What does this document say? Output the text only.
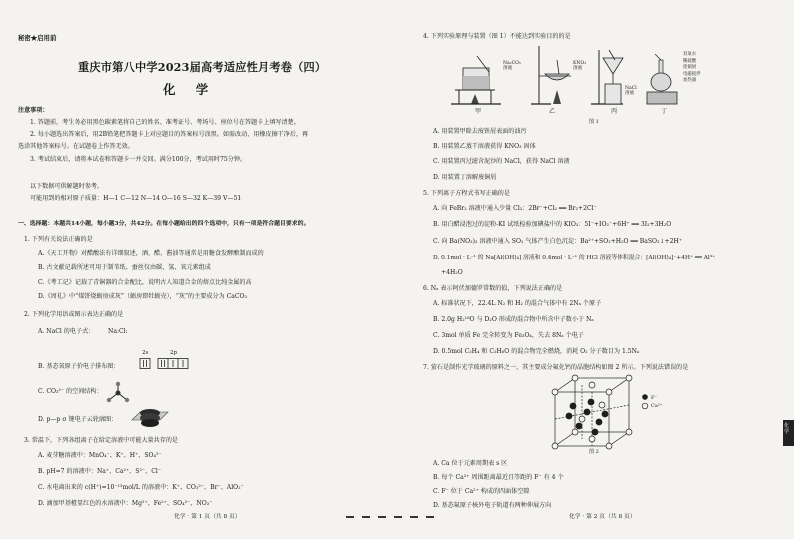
秘密★启用前
重庆市第八中学2023届高考适应性月考卷（四）
化 学
注意事项：
1. 答题前，考生务必用黑色碳素笔将自己的姓名、准考证号、考场号、座位号在答题卡上填写清楚。
2. 每小题选出答案后，用2B铅笔把答题卡上对应题目的答案标号涂黑。如需改动，用橡皮擦干净后，再
选涂其他答案标号。在试题卷上作答无效。
3. 考试结束后，请将本试卷和答题卡一并交回。满分100分，考试用时75分钟。
以下数据可供解题时参考。
可能用到的相对原子质量：H—1 C—12 N—14 O—16 S—32 K—39 V—51
一、选择题：本题共14小题，每小题3分，共42分。在每小题给出的四个选项中，只有一项是符合题目要求的。
1. 下列有关说法正确的是
A.《天工开物》对醋酸法有详细叙述，酒、醋、酱油等通常是用糖食发酵酿制而成的
B. 古文献记载所述可用于制苇纸、蚕丝仅由碳、氢、氧元素组成
C.《考工记》记载了青铜器的合金配比，说明古人知道合金的熔点比纯金属的高
D.《周礼》中“煤饼烧蛎房成灰”（蛎房即牡蛎壳），“灰”的主要成分为 CaCO₃
2. 下列化学用语或图示表达正确的是
A. NaCl 的电子式： Na:Cl:
2s	2p
B. 基态氧原子价电子排布图：
C. CO₃²⁻ 的空间结构：
D. p—p σ 键电子云轮廓图：
3. 常温下，下列各组离子在给定溶液中可能大量共存的是
A. 麦芽糖溶液中：MnO₄⁻、K⁺、H⁺、SO₄²⁻
B. pH=7 的溶液中：Na⁺、Ca²⁺、S²⁻、Cl⁻
C. 水电离出来的 c(H⁺)=10⁻¹³mol/L 的溶液中：K⁺、CO₃²⁻、Br⁻、AlO₂⁻
D. 滴加甲基橙显红色的水溶液中：Mg²⁺、Fe²⁺、SO₄²⁻、NO₃⁻
化学 · 第 1 页（共 8 页）
4. 下列实验原理与装置（图 1）不能达到实验目的的是
Na₂CO₃
溶液
KNO₃
溶液
NaCl
溶液
双氧水
稀硫酸
废铜屑
电磁搅拌
加热器
甲	乙	丙	丁
图 1
A. 用装置甲除去废铁屑表面的油污
B. 用装置乙蒸干溶液获得 KNO₃ 固体
C. 用装置丙过滤含泥沙的 NaCl，获得 NaCl 溶液
D. 用装置丁溶解废铜屑
5. 下列离子方程式书写正确的是
A. 向 FeBr₂ 溶液中通入少量 Cl₂：2Br⁻+Cl₂ ══ Br₂+2Cl⁻
B. 用白醋浸泡过的淀粉-KI 试纸检验加碘盐中的 KIO₃：5I⁻+IO₃⁻+6H⁺ ══ 3I₂+3H₂O
C. 向 Ba(NO₃)₂ 溶液中通入 SO₂ 气体产生白色沉淀：Ba²⁺+SO₂+H₂O ══ BaSO₃↓+2H⁺
D. 0.1mol · L⁻¹ 的 Na[Al(OH)₄] 溶液和 0.4mol · L⁻¹ 的 HCl 溶液等体积混合：[Al(OH)₄]⁻+4H⁺ ══ Al³⁺
+4H₂O
6. Nₐ 表示阿伏加德罗常数的值，下列说法正确的是
A. 标准状况下，22.4L N₂ 和 H₂ 的混合气体中有 2Nₐ 个原子
B. 2.0g H₂¹⁸O 与 D₂O 形成的混合物中所含中子数小于 Nₐ
C. 3mol 单质 Fe 完全转变为 Fe₃O₄，失去 8Nₐ 个电子
D. 0.5mol C₂H₄ 和 C₂H₆O 的混合物完全燃烧，消耗 O₂ 分子数目为 1.5Nₐ
7. 萤石是制作光学玻璃的原料之一，其主要成分氟化钙的晶胞结构如图 2 所示。下列说法错误的是
F⁻
Ca²⁺
图 2
A. Ca 位于元素周期表 s 区
B. 每个 Ca²⁺ 周围距离最近且等距的 F⁻ 有 4 个
C. F⁻ 位于 Ca²⁺ 构成的四面体空隙
D. 基态氟原子核外电子轨道有两种伸展方向
化学 · 第 2 页（共 8 页）
化学
